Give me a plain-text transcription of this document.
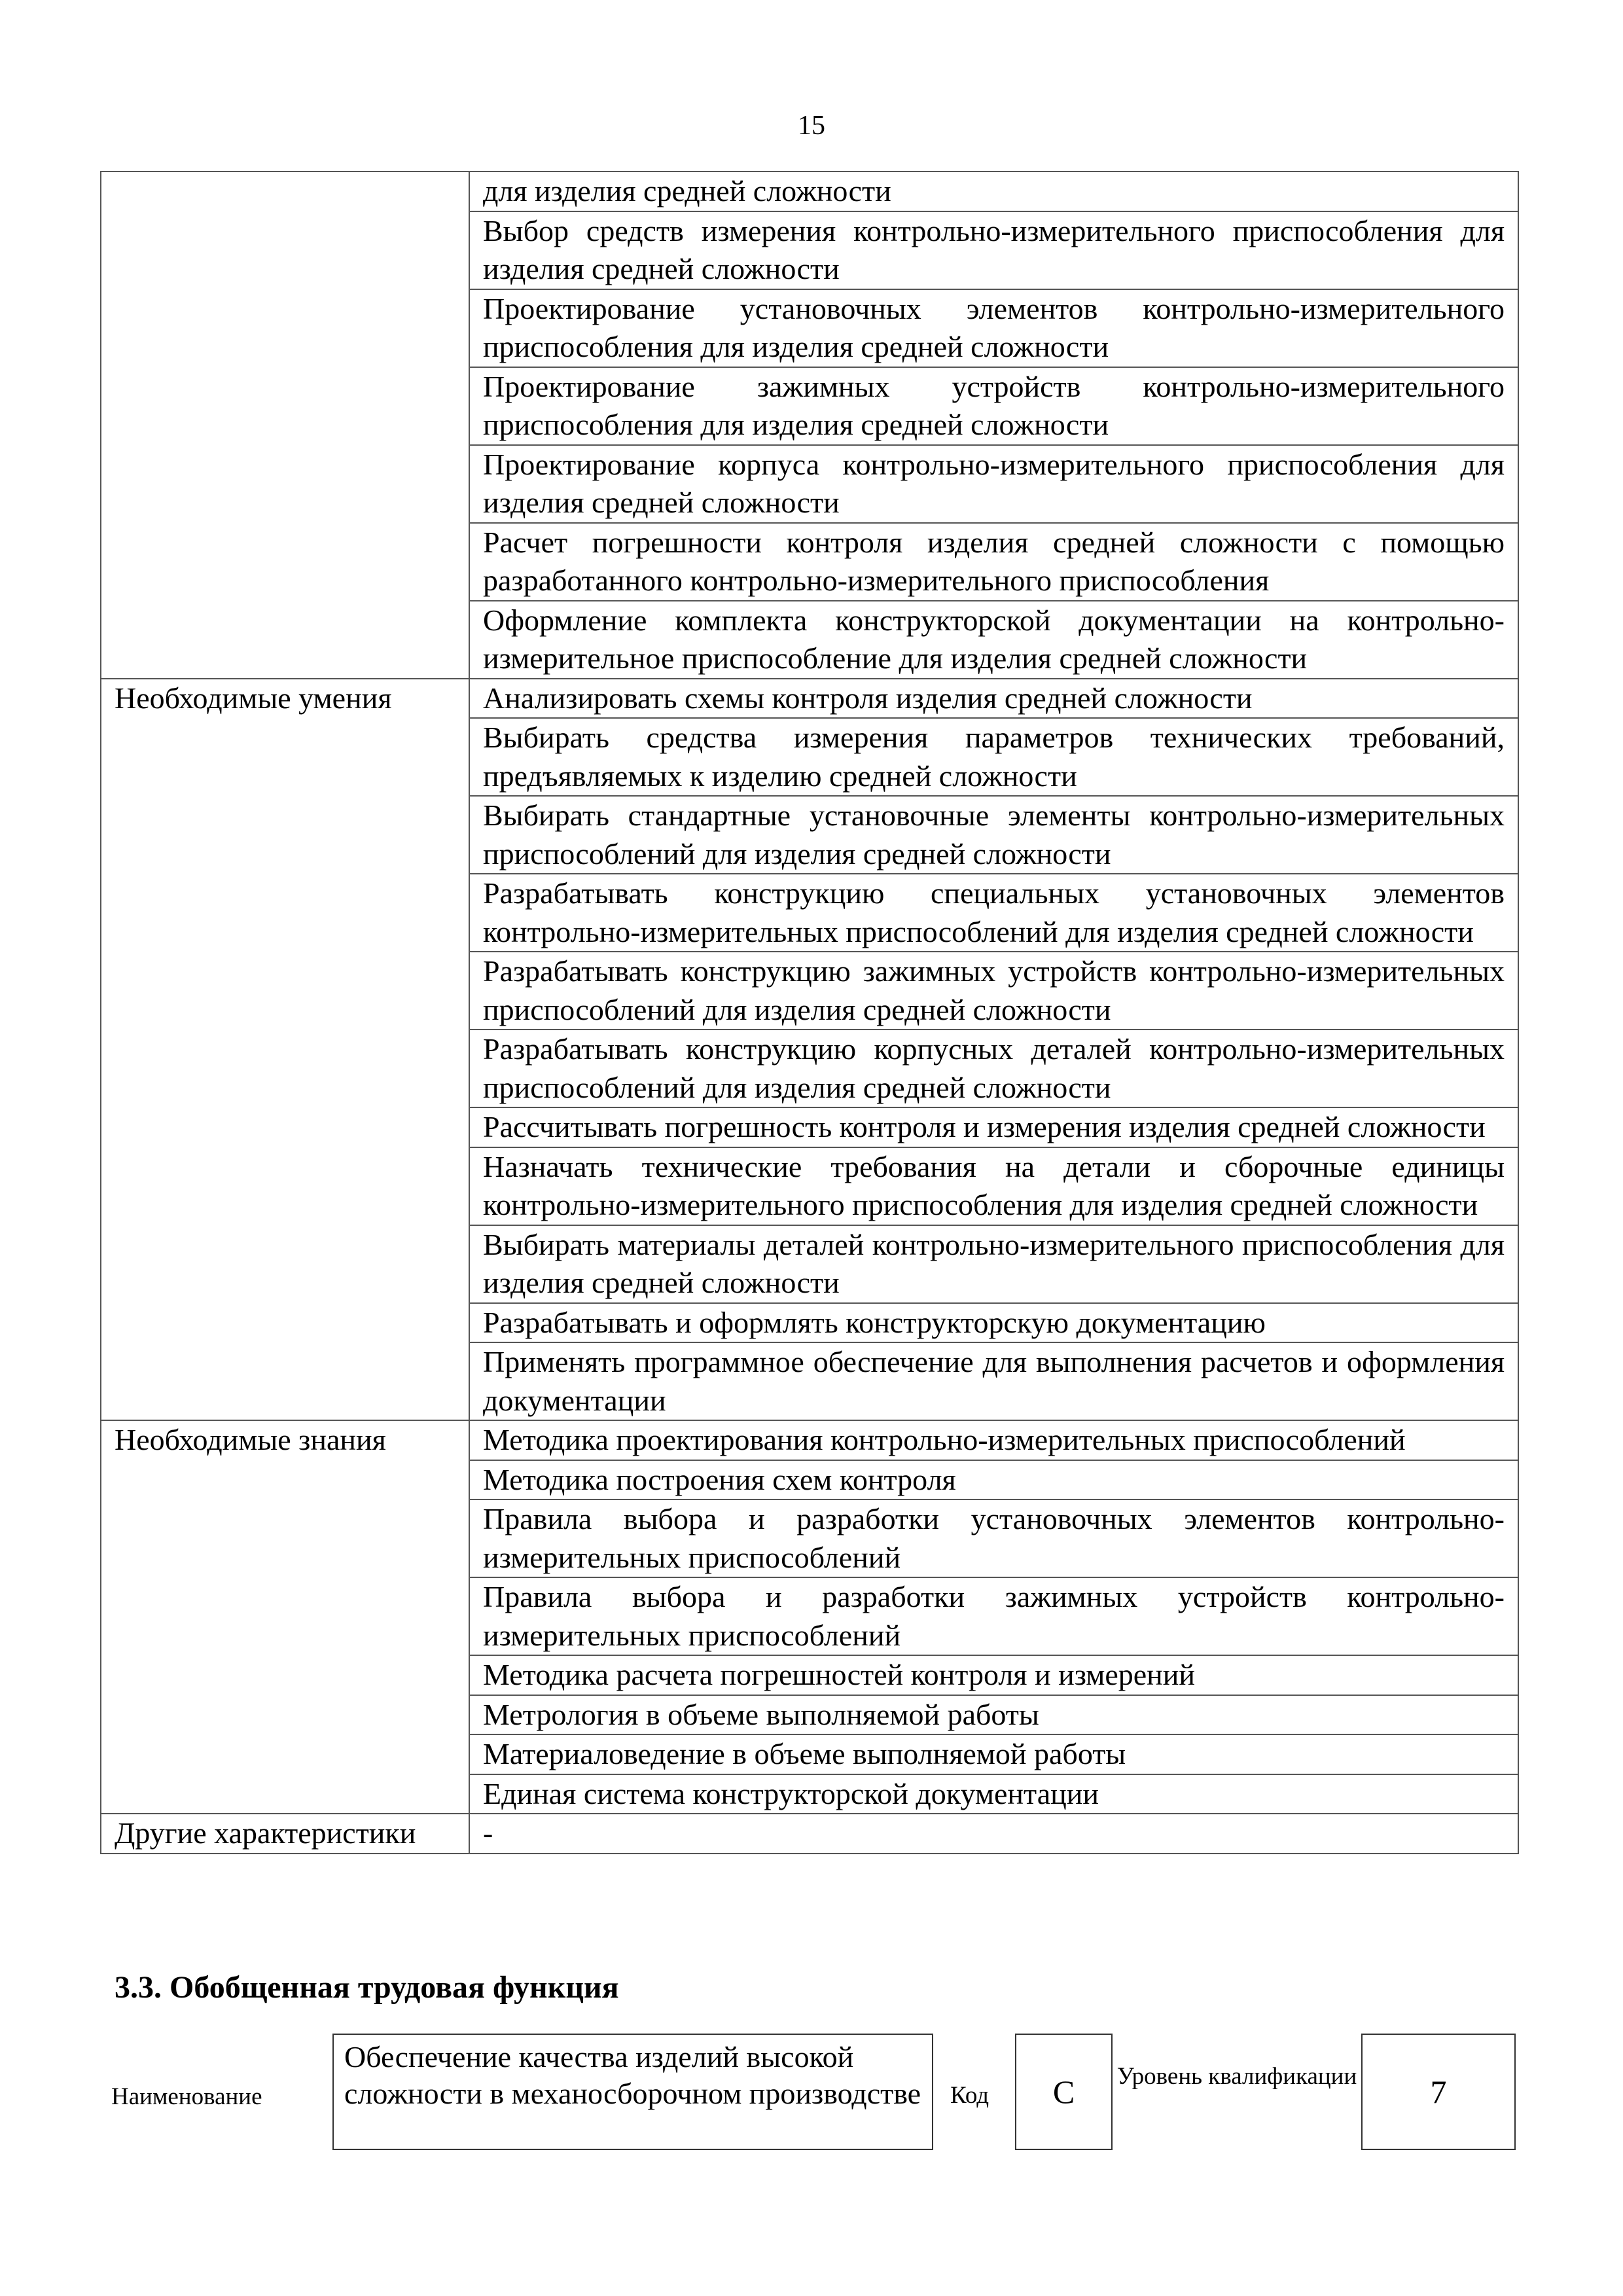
15
	для изделия средней сложности
	Выбор средств измерения контрольно-измерительного приспособления для изделия средней сложности
	Проектирование установочных элементов контрольно-измерительного приспособления для изделия средней сложности
	Проектирование зажимных устройств контрольно-измерительного приспособления для изделия средней сложности
	Проектирование корпуса контрольно-измерительного приспособления для изделия средней сложности
	Расчет погрешности контроля изделия средней сложности с помощью разработанного контрольно-измерительного приспособления
	Оформление комплекта конструкторской документации на контрольно-измерительное приспособление для изделия средней сложности
Необходимые умения	Анализировать схемы контроля изделия средней сложности
	Выбирать средства измерения параметров технических требований, предъявляемых к изделию средней сложности
	Выбирать стандартные установочные элементы контрольно-измерительных приспособлений для изделия средней сложности
	Разрабатывать конструкцию специальных установочных элементов контрольно-измерительных приспособлений для изделия средней сложности
	Разрабатывать конструкцию зажимных устройств контрольно-измерительных приспособлений для изделия средней сложности
	Разрабатывать конструкцию корпусных деталей контрольно-измерительных приспособлений для изделия средней сложности
	Рассчитывать погрешность контроля и измерения изделия средней сложности
	Назначать технические требования на детали и сборочные единицы контрольно-измерительного приспособления для изделия средней сложности
	Выбирать материалы деталей контрольно-измерительного приспособления для изделия средней сложности
	Разрабатывать и оформлять конструкторскую документацию
	Применять программное обеспечение для выполнения расчетов и оформления документации
Необходимые знания	Методика проектирования контрольно-измерительных приспособлений
	Методика построения схем контроля
	Правила выбора и разработки установочных элементов контрольно-измерительных приспособлений
	Правила выбора и разработки зажимных устройств контрольно-измерительных приспособлений
	Методика расчета погрешностей контроля и измерений
	Метрология в объеме выполняемой работы
	Материаловедение в объеме выполняемой работы
	Единая система конструкторской документации
Другие характеристики	-
3.3. Обобщенная трудовая функция
Наименование
Обеспечение качества изделий высокой сложности в механосборочном производстве	Код	C	Уровень квалификации	7
